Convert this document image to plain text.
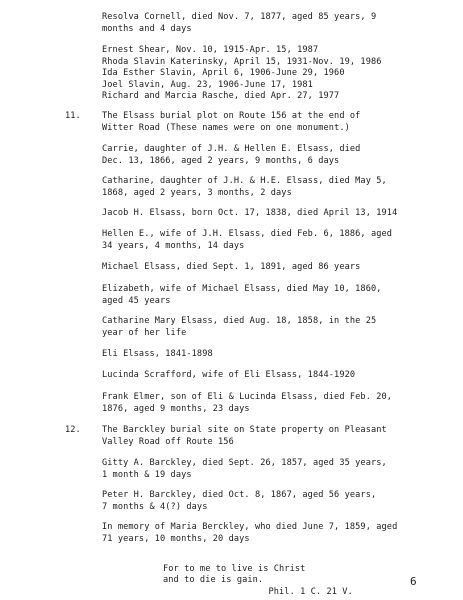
Resolva Cornell, died Nov. 7, 1877, aged 85 years, 9
months and 4 days

Ernest Shear, Nov. 10, 1915-Apr. 15, 1987
Rhoda Slavin Katerinsky, April 15, 1931-Nov. 19, 1986
Ida Esther Slavin, April 6, 1906-June 29, 1960
Joel Slavin, Aug. 23, 1906-June 17, 1981
Richard and Marcia Rasche, died Apr. 27, 1977

11. The Elsass burial plot on Route 156 at the end of
Witter Road (These names were on one monument.)

Carrie, daughter of J.H. & Hellen E. Elsass, died
Dec. 13, 1866, aged 2 years, 9 months, 6 days

Catharine, daughter of J.H. & H.E. Elsass, died May 5,
1868, aged 2 years, 3 months, 2 days

Jacob H. Elsass, born Oct. 17, 1838, died April 13, 1914

Hellen E., wife of J.H. Elsass, died Feb. 6, 1886, aged
34 years, 4 months, 14 days

Michael Elsass, died Sept. 1, 1891, aged 86 years

Elizabeth, wife of Michael Elsass, died May 10, 1860,
aged 45 years

Catharine Mary Elsass, died Aug. 18, 1858, in the 25
year of her life

Eli Elsass, 1841-1898

Lucinda Scrafford, wife of Eli Elsass, 1844-1920

Frank Elmer, son of Eli & Lucinda Elsass, died Feb. 20,
1876, aged 9 months, 23 days

12. The Barckley burial site on State property on Pleasant
Valley Road off Route 156

Gitty A. Barckley, died Sept. 26, 1857, aged 35 years,
1 month & 19 days

Peter H. Barckley, died Oct. 8, 1867, aged 56 years,
7 months & 4(?) days

In memory of Maria Berckley, who died June 7, 1859, aged
71 years, 10 months, 20 days

For to me to live is Christ
and to die is gain.
Phil. 1 C. 21 V.

6
